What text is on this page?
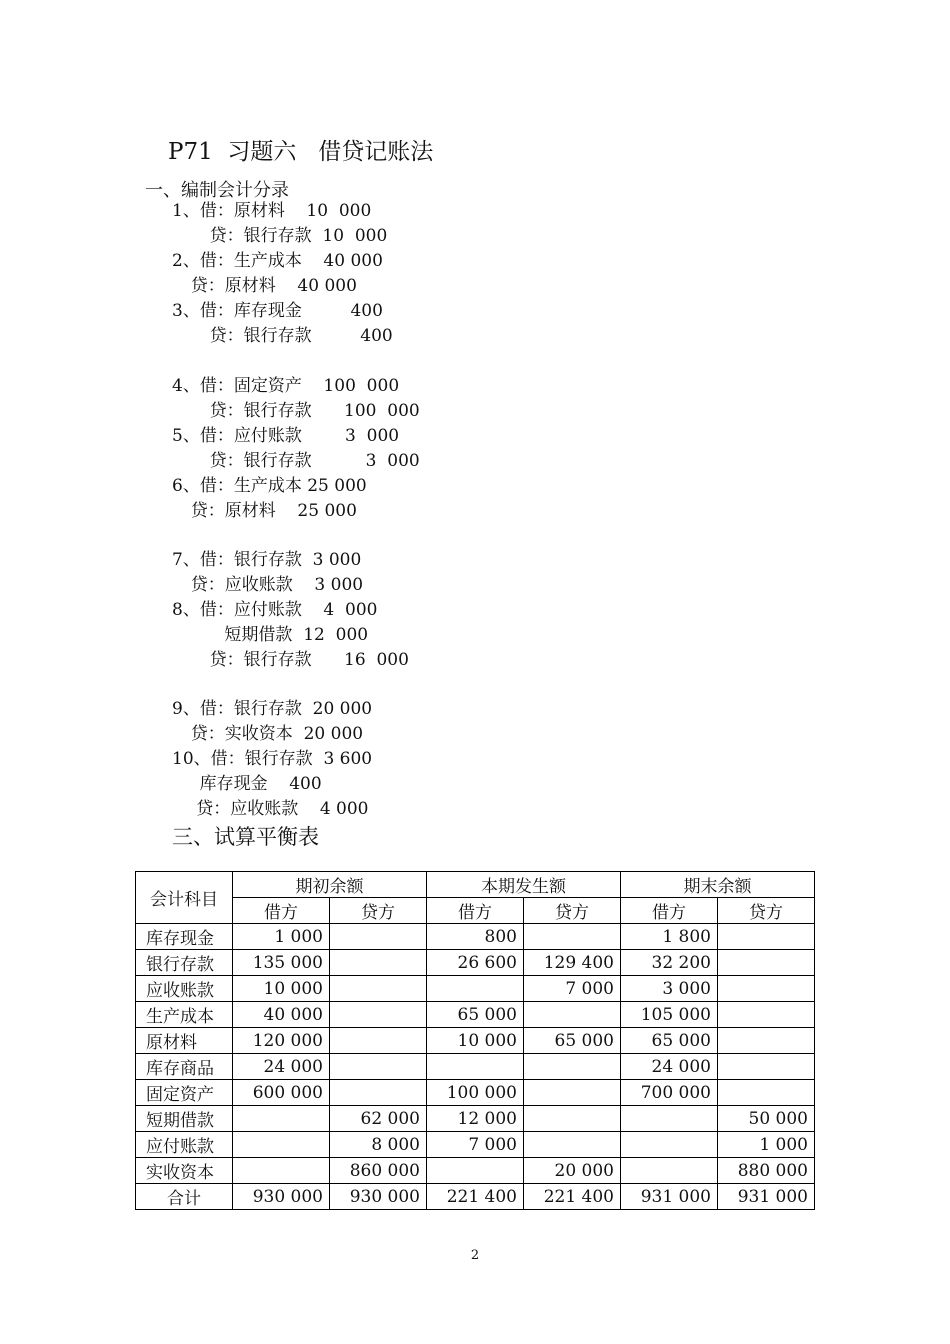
P71  习题六   借贷记账法
一、编制会计分录
1、借：原材料    10  000
贷：银行存款  10  000
2、借：生产成本    40 000
贷：原材料    40 000
3、借：库存现金         400
贷：银行存款         400
4、借：固定资产    100  000
贷：银行存款      100  000
5、借：应付账款        3  000
贷：银行存款          3  000
6、借：生产成本 25 000
贷：原材料    25 000
7、借：银行存款  3 000
贷：应收账款    3 000
8、借：应付账款    4  000
短期借款  12  000
贷：银行存款      16  000
9、借：银行存款  20 000
贷：实收资本  20 000
10、借：银行存款  3 600
库存现金    400
贷：应收账款    4 000
三、试算平衡表
会计科目	期初余额		本期发生额		期末余额	
	借方	贷方	借方	贷方	借方	贷方
库存现金	1 000		800		1 800	
银行存款	135 000		26 600	129 400	32 200	
应收账款	10 000			7 000	3 000	
生产成本	40 000		65 000		105 000	
原材料	120 000		10 000	65 000	65 000	
库存商品	24 000				24 000	
固定资产	600 000		100 000		700 000	
短期借款		62 000	12 000			50 000
应付账款		8 000	7 000			1 000
实收资本		860 000		20 000		880 000
合计	930 000	930 000	221 400	221 400	931 000	931 000
2
